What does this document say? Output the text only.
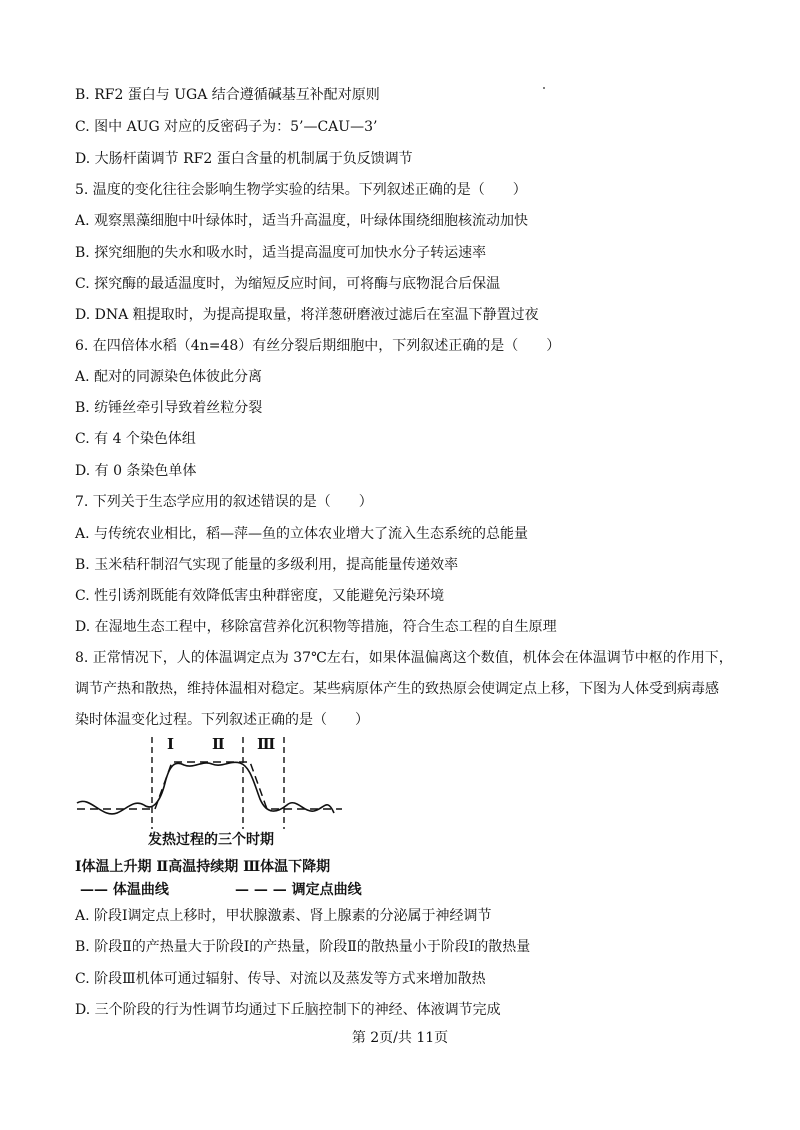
B. RF2 蛋白与 UGA 结合遵循碱基互补配对原则
C. 图中 AUG 对应的反密码子为：5’—CAU—3’
D. 大肠杆菌调节 RF2 蛋白含量的机制属于负反馈调节
5. 温度的变化往往会影响生物学实验的结果。下列叙述正确的是（　　）
A. 观察黑藻细胞中叶绿体时，适当升高温度，叶绿体围绕细胞核流动加快
B. 探究细胞的失水和吸水时，适当提高温度可加快水分子转运速率
C. 探究酶的最适温度时，为缩短反应时间，可将酶与底物混合后保温
D. DNA 粗提取时，为提高提取量，将洋葱研磨液过滤后在室温下静置过夜
6. 在四倍体水稻（4n=48）有丝分裂后期细胞中，下列叙述正确的是（　　）
A. 配对的同源染色体彼此分离
B. 纺锤丝牵引导致着丝粒分裂
C. 有 4 个染色体组
D. 有 0 条染色单体
7. 下列关于生态学应用的叙述错误的是（　　）
A. 与传统农业相比，稻—萍—鱼的立体农业增大了流入生态系统的总能量
B. 玉米秸秆制沼气实现了能量的多级利用，提高能量传递效率
C. 性引诱剂既能有效降低害虫种群密度，又能避免污染环境
D. 在湿地生态工程中，移除富营养化沉积物等措施，符合生态工程的自生原理
8. 正常情况下，人的体温调定点为 37℃左右，如果体温偏离这个数值，机体会在体温调节中枢的作用下，
调节产热和散热，维持体温相对稳定。某些病原体产生的致热原会使调定点上移，下图为人体受到病毒感
染时体温变化过程。下列叙述正确的是（　　）
Ⅰ	Ⅱ Ⅲ
发热过程的三个时期
Ⅰ体温上升期 Ⅱ高温持续期 Ⅲ体温下降期
—— 体温曲线	— — — 调定点曲线
A. 阶段Ⅰ调定点上移时，甲状腺激素、肾上腺素的分泌属于神经调节
B. 阶段Ⅱ的产热量大于阶段Ⅰ的产热量，阶段Ⅱ的散热量小于阶段Ⅰ的散热量
C. 阶段Ⅲ机体可通过辐射、传导、对流以及蒸发等方式来增加散热
D. 三个阶段的行为性调节均通过下丘脑控制下的神经、体液调节完成
第 2页/共 11页
